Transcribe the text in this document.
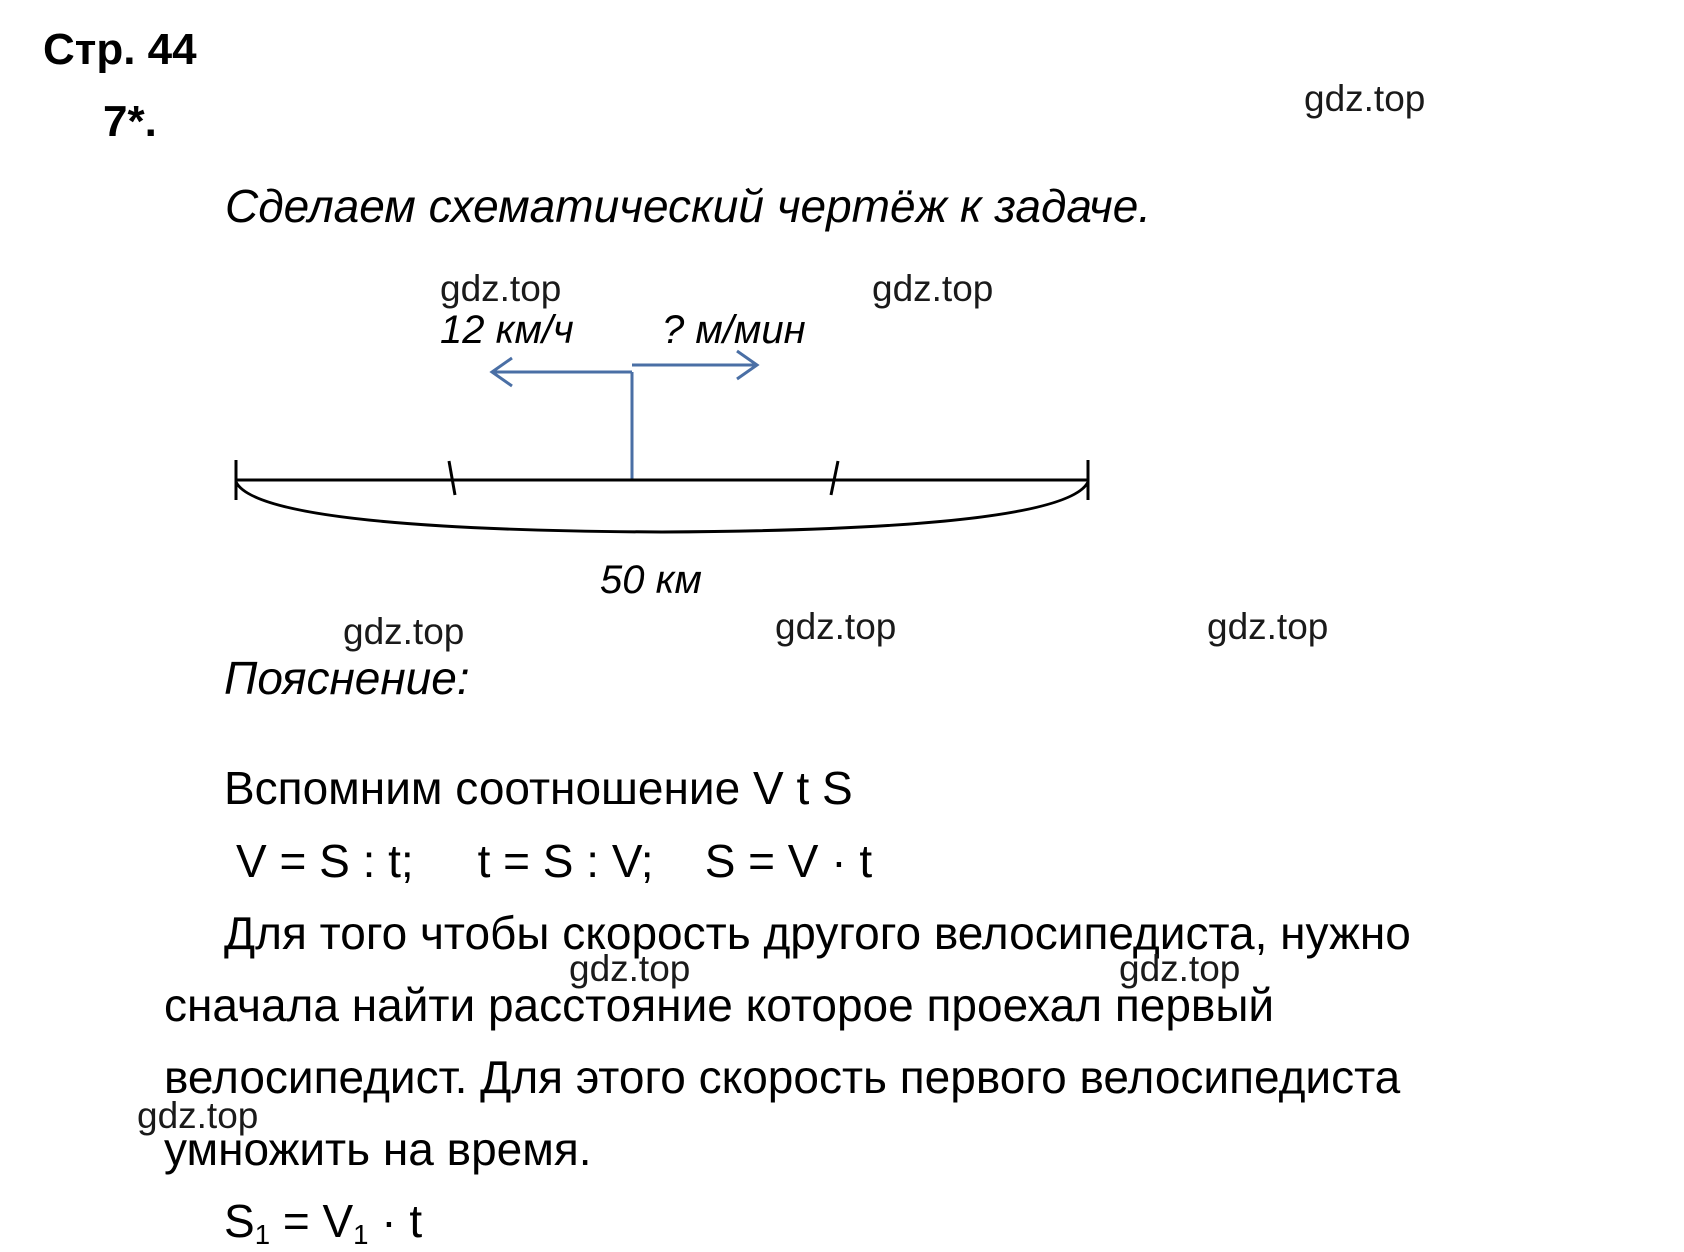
Стр. 44
7*.
Сделаем схематический чертёж к задаче.
12 км/ч ? м/мин
50 км
Пояснение:
Вспомним соотношение V t S
V = S : t;     t = S : V;    S = V · t
Для того чтобы скорость другого велосипедиста, нужно
сначала найти расстояние которое проехал первый
велосипедист. Для этого скорость первого велосипедиста
умножить на время.
$S_1 = V_1 \cdot t$
gdz.top
gdz.top	gdz.top
gdz.top	gdz.top	gdz.top
gdz.top	gdz.top
gdz.top
